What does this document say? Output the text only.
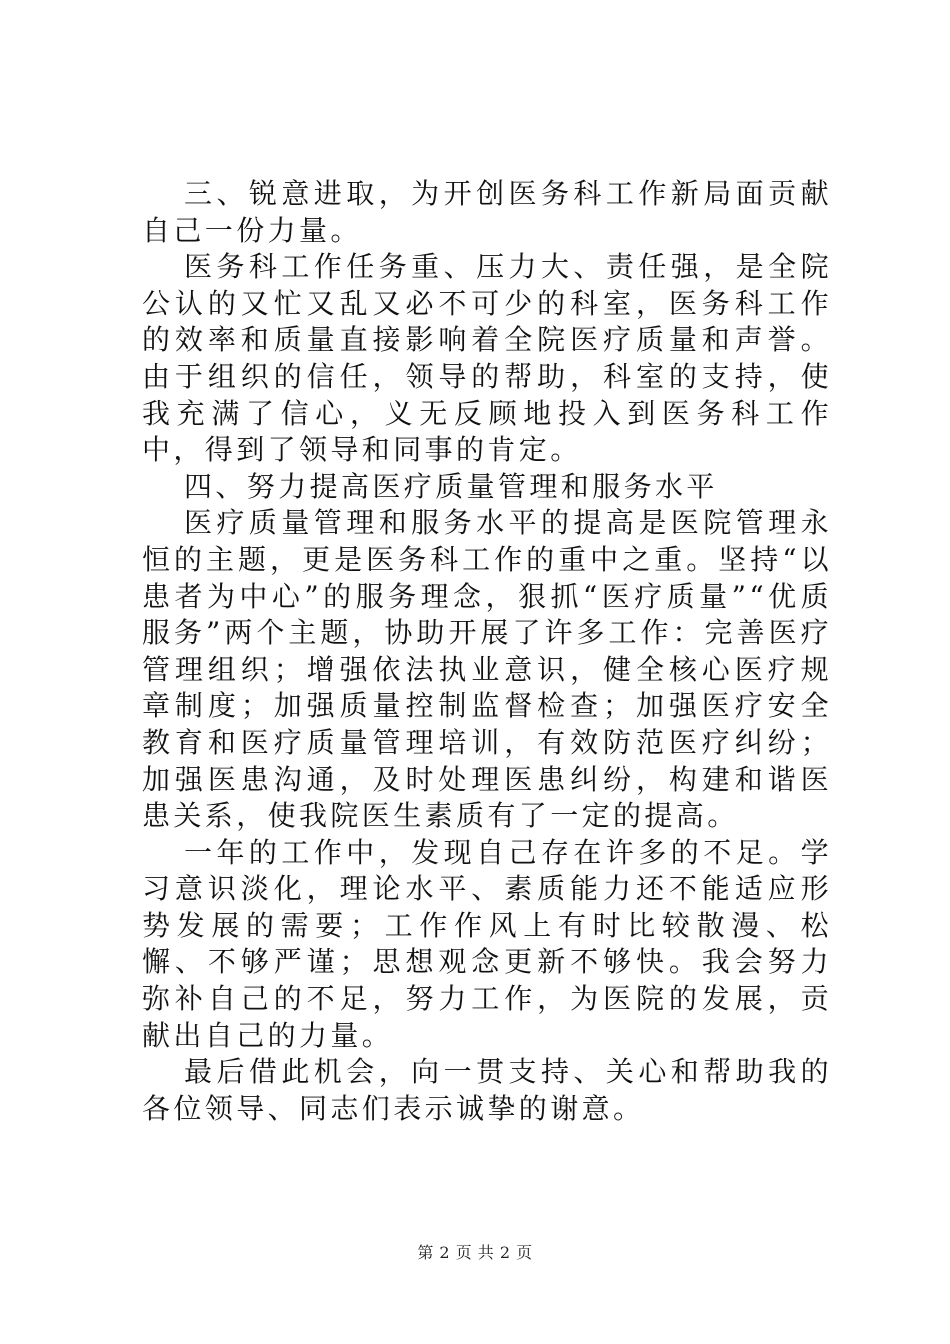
三、锐意进取，为开创医务科工作新局面贡献自己一份力量。

医务科工作任务重、压力大、责任强，是全院公认的又忙又乱又必不可少的科室，医务科工作的效率和质量直接影响着全院医疗质量和声誉。由于组织的信任，领导的帮助，科室的支持，使我充满了信心，义无反顾地投入到医务科工作中，得到了领导和同事的肯定。

四、努力提高医疗质量管理和服务水平

医疗质量管理和服务水平的提高是医院管理永恒的主题，更是医务科工作的重中之重。坚持“以患者为中心”的服务理念，狠抓“医疗质量”“优质服务”两个主题，协助开展了许多工作：完善医疗管理组织；增强依法执业意识，健全核心医疗规章制度；加强质量控制监督检查；加强医疗安全教育和医疗质量管理培训，有效防范医疗纠纷；加强医患沟通，及时处理医患纠纷，构建和谐医患关系，使我院医生素质有了一定的提高。

一年的工作中，发现自己存在许多的不足。学习意识淡化，理论水平、素质能力还不能适应形势发展的需要；工作作风上有时比较散漫、松懈、不够严谨；思想观念更新不够快。我会努力弥补自己的不足，努力工作，为医院的发展，贡献出自己的力量。

最后借此机会，向一贯支持、关心和帮助我的各位领导、同志们表示诚挚的谢意。

第 2 页 共 2 页
